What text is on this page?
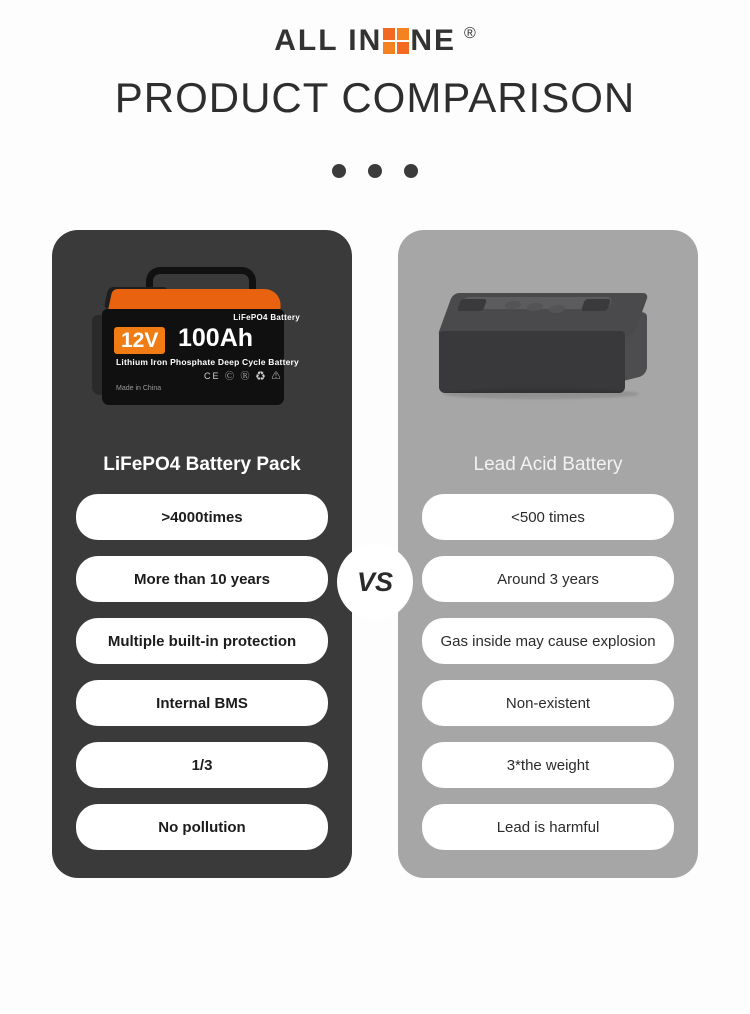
ALL IN NE ®
PRODUCT COMPARISON
LiFePO4 Battery
12V 100Ah
Lithium Iron Phosphate Deep Cycle Battery
CE Ⓒ Ⓡ ♻ ⚠
Made in China
LiFePO4 Battery Pack
>4000times
More than 10 years
Multiple built-in protection
Internal BMS
1/3
No pollution
Lead Acid Battery
<500 times
Around 3 years
Gas inside may cause explosion
Non-existent
3*the weight
Lead is harmful
VS
